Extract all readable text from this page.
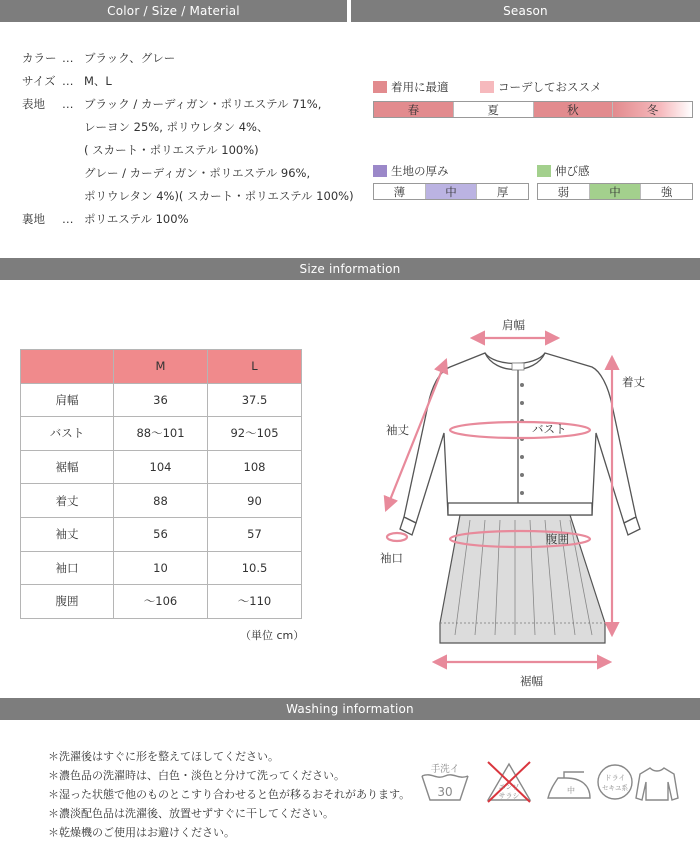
Color / Size / Material	Season
Size information
Washing information
カラー … ブラック、グレー
サイズ … M、L
表地	… ブラック / カーディガン・ポリエステル 71%,
レーヨン 25%, ポリウレタン 4%、
( スカート・ポリエステル 100%)
グレー / カーディガン・ポリエステル 96%,
ポリウレタン 4%)( スカート・ポリエステル 100%)
裏地	… ポリエステル 100%
着用に最適	コーデしておススメ
春	夏	秋	冬
生地の厚み
薄	中	厚
伸び感
弱	中	強
	M	L
肩幅	36	37.5
バスト	88〜101	92〜105
裾幅	104	108
着丈	88	90
袖丈	56	57
袖口	10	10.5
腹囲	〜106	〜110
（単位 cm）
肩幅
着丈
袖丈	バスト
腹囲
袖口
裾幅
＊洗濯後はすぐに形を整えてほしてください。
＊濃色品の洗濯時は、白色・淡色と分けて洗ってください。
＊湿った状態で他のものとこすり合わせると色が移るおそれがあります。
＊濃淡配色品は洗濯後、放置せずすぐに干してください。
＊乾燥機のご使用はお避けください。
手洗イ
30	エンソ
サラシ
中
ドライ
セキユ系
